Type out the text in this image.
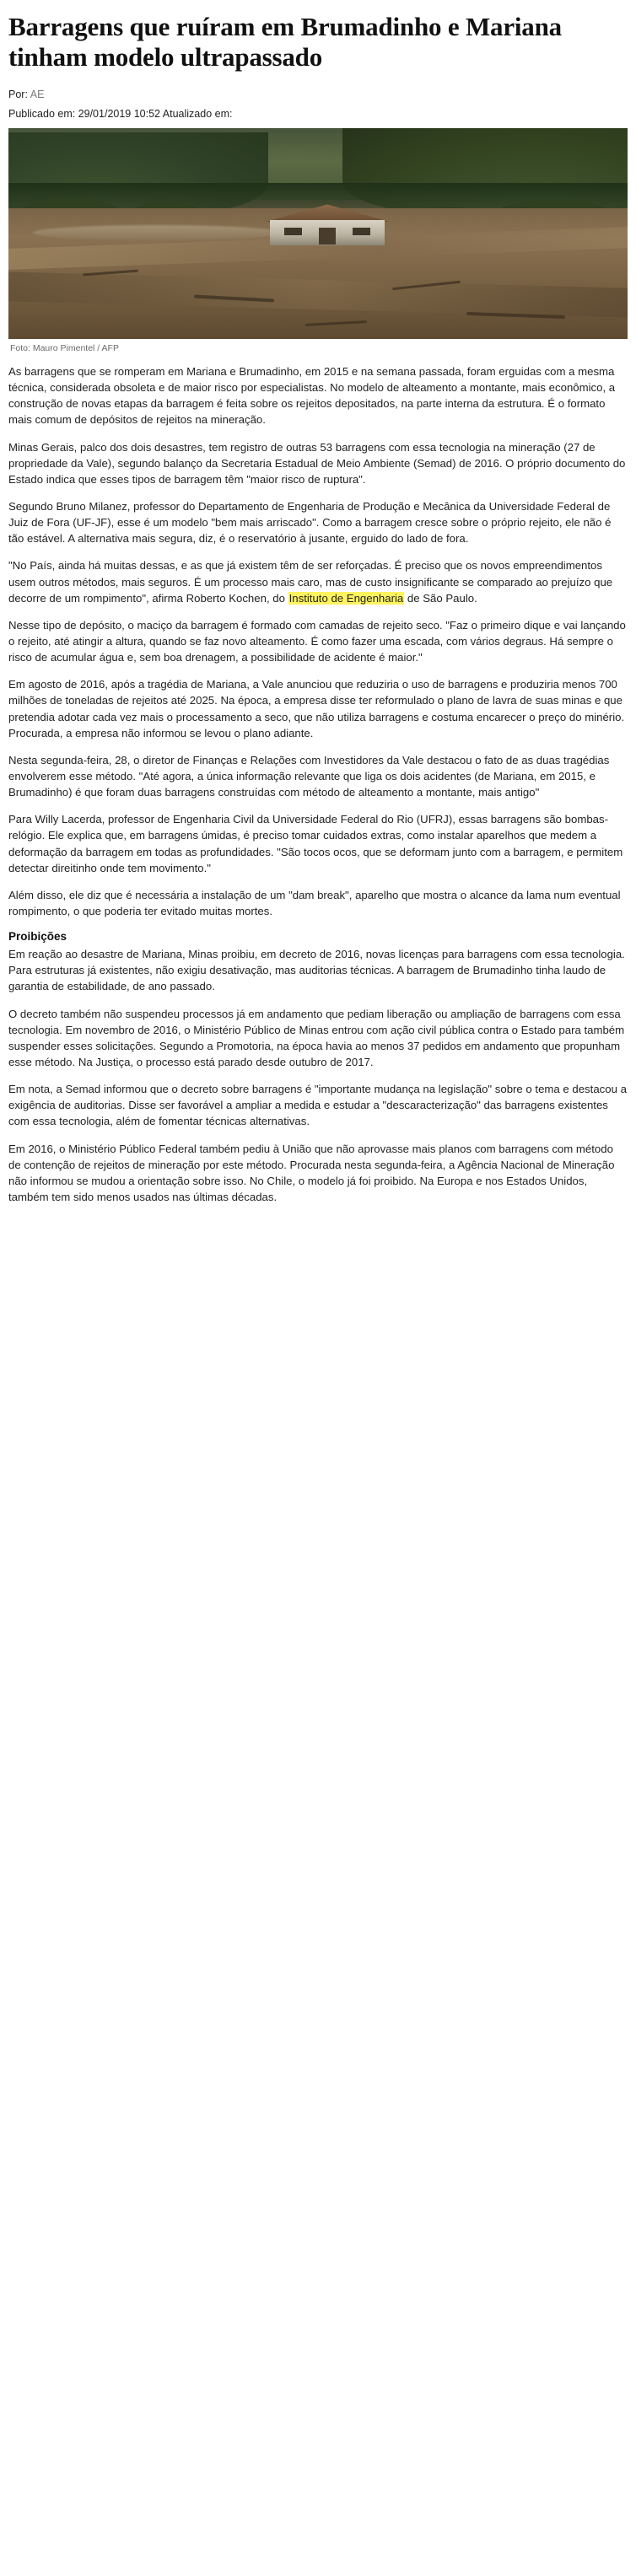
Barragens que ruíram em Brumadinho e Mariana tinham modelo ultrapassado
Por: AE
Publicado em: 29/01/2019 10:52 Atualizado em:
Foto: Mauro Pimentel / AFP

As barragens que se romperam em Mariana e Brumadinho, em 2015 e na semana passada, foram erguidas com a mesma técnica, considerada obsoleta e de maior risco por especialistas. No modelo de alteamento a montante, mais econômico, a construção de novas etapas da barragem é feita sobre os rejeitos depositados, na parte interna da estrutura. É o formato mais comum de depósitos de rejeitos na mineração.

Minas Gerais, palco dos dois desastres, tem registro de outras 53 barragens com essa tecnologia na mineração (27 de propriedade da Vale), segundo balanço da Secretaria Estadual de Meio Ambiente (Semad) de 2016. O próprio documento do Estado indica que esses tipos de barragem têm "maior risco de ruptura".

Segundo Bruno Milanez, professor do Departamento de Engenharia de Produção e Mecânica da Universidade Federal de Juiz de Fora (UF-JF), esse é um modelo "bem mais arriscado". Como a barragem cresce sobre o próprio rejeito, ele não é tão estável. A alternativa mais segura, diz, é o reservatório à jusante, erguido do lado de fora.

"No País, ainda há muitas dessas, e as que já existem têm de ser reforçadas. É preciso que os novos empreendimentos usem outros métodos, mais seguros. É um processo mais caro, mas de custo insignificante se comparado ao prejuízo que decorre de um rompimento", afirma Roberto Kochen, do Instituto de Engenharia de São Paulo.

Nesse tipo de depósito, o maciço da barragem é formado com camadas de rejeito seco. "Faz o primeiro dique e vai lançando o rejeito, até atingir a altura, quando se faz novo alteamento. É como fazer uma escada, com vários degraus. Há sempre o risco de acumular água e, sem boa drenagem, a possibilidade de acidente é maior."

Em agosto de 2016, após a tragédia de Mariana, a Vale anunciou que reduziria o uso de barragens e produziria menos 700 milhões de toneladas de rejeitos até 2025. Na época, a empresa disse ter reformulado o plano de lavra de suas minas e que pretendia adotar cada vez mais o processamento a seco, que não utiliza barragens e costuma encarecer o preço do minério. Procurada, a empresa não informou se levou o plano adiante.

Nesta segunda-feira, 28, o diretor de Finanças e Relações com Investidores da Vale destacou o fato de as duas tragédias envolverem esse método. "Até agora, a única informação relevante que liga os dois acidentes (de Mariana, em 2015, e Brumadinho) é que foram duas barragens construídas com método de alteamento a montante, mais antigo"

Para Willy Lacerda, professor de Engenharia Civil da Universidade Federal do Rio (UFRJ), essas barragens são bombas-relógio. Ele explica que, em barragens úmidas, é preciso tomar cuidados extras, como instalar aparelhos que medem a deformação da barragem em todas as profundidades. "São tocos ocos, que se deformam junto com a barragem, e permitem detectar direitinho onde tem movimento."

Além disso, ele diz que é necessária a instalação de um "dam break", aparelho que mostra o alcance da lama num eventual rompimento, o que poderia ter evitado muitas mortes.

Proibições

Em reação ao desastre de Mariana, Minas proibiu, em decreto de 2016, novas licenças para barragens com essa tecnologia. Para estruturas já existentes, não exigiu desativação, mas auditorias técnicas. A barragem de Brumadinho tinha laudo de garantia de estabilidade, de ano passado.

O decreto também não suspendeu processos já em andamento que pediam liberação ou ampliação de barragens com essa tecnologia. Em novembro de 2016, o Ministério Público de Minas entrou com ação civil pública contra o Estado para também suspender esses solicitações. Segundo a Promotoria, na época havia ao menos 37 pedidos em andamento que propunham esse método. Na Justiça, o processo está parado desde outubro de 2017.

Em nota, a Semad informou que o decreto sobre barragens é "importante mudança na legislação" sobre o tema e destacou a exigência de auditorias. Disse ser favorável a ampliar a medida e estudar a "descaracterização" das barragens existentes com essa tecnologia, além de fomentar técnicas alternativas.

Em 2016, o Ministério Público Federal também pediu à União que não aprovasse mais planos com barragens com método de contenção de rejeitos de mineração por este método. Procurada nesta segunda-feira, a Agência Nacional de Mineração não informou se mudou a orientação sobre isso. No Chile, o modelo já foi proibido. Na Europa e nos Estados Unidos, também tem sido menos usados nas últimas décadas.
